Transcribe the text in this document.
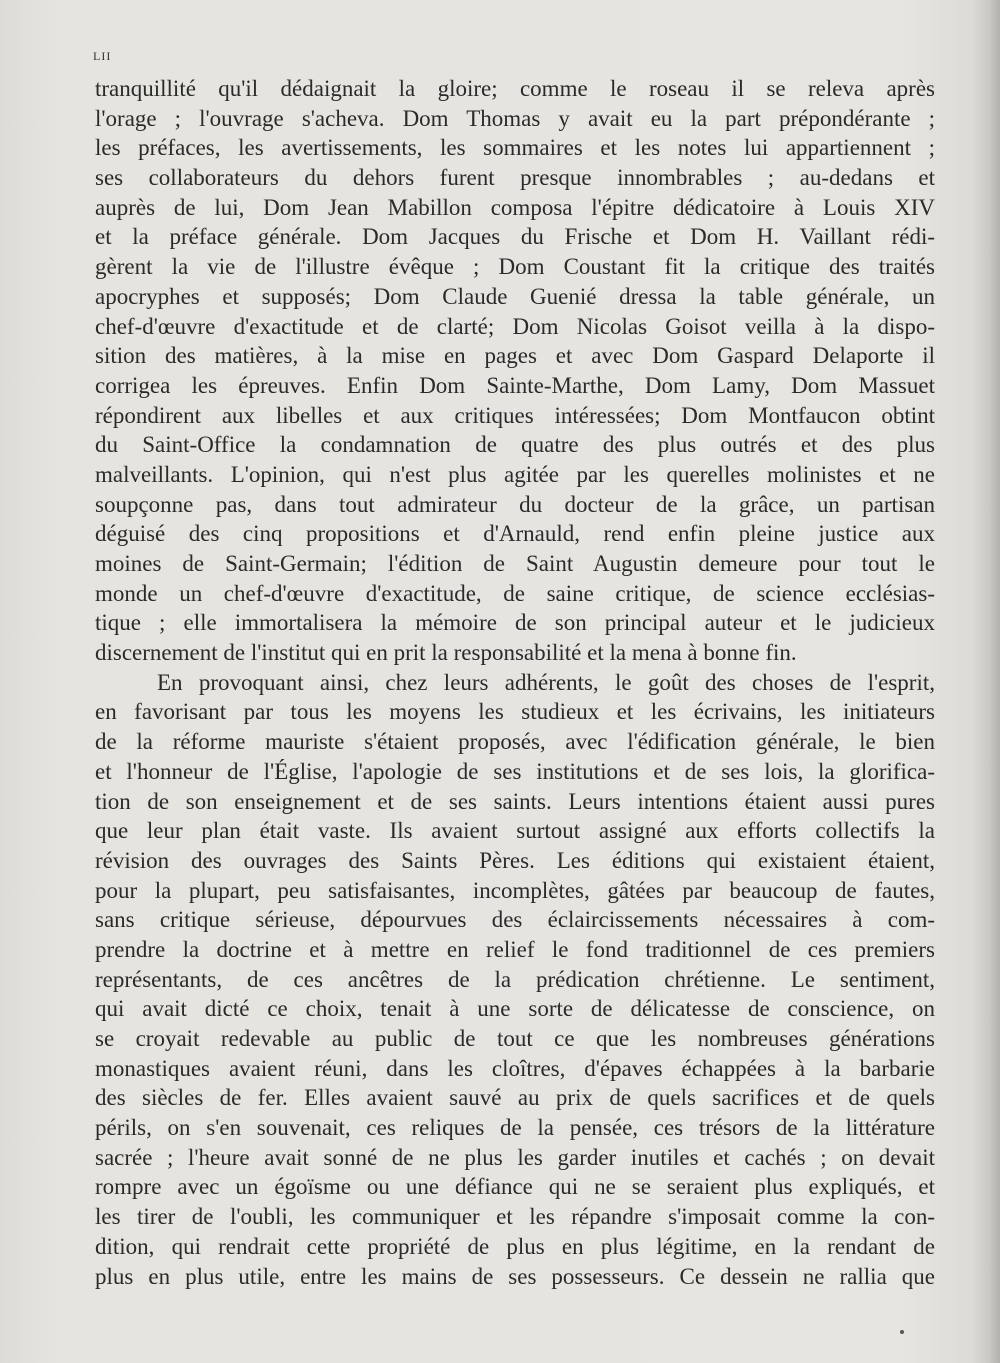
LII
tranquillité qu'il dédaignait la gloire; comme le roseau il se releva après
l'orage ; l'ouvrage s'acheva. Dom Thomas y avait eu la part prépondérante ;
les préfaces, les avertissements, les sommaires et les notes lui appartiennent ;
ses collaborateurs du dehors furent presque innombrables ; au-dedans et
auprès de lui, Dom Jean Mabillon composa l'épitre dédicatoire à Louis XIV
et la préface générale. Dom Jacques du Frische et Dom H. Vaillant rédi-
gèrent la vie de l'illustre évêque ; Dom Coustant fit la critique des traités
apocryphes et supposés; Dom Claude Guenié dressa la table générale, un
chef-d'œuvre d'exactitude et de clarté; Dom Nicolas Goisot veilla à la dispo-
sition des matières, à la mise en pages et avec Dom Gaspard Delaporte il
corrigea les épreuves. Enfin Dom Sainte-Marthe, Dom Lamy, Dom Massuet
répondirent aux libelles et aux critiques intéressées; Dom Montfaucon obtint
du Saint-Office la condamnation de quatre des plus outrés et des plus
malveillants. L'opinion, qui n'est plus agitée par les querelles molinistes et ne
soupçonne pas, dans tout admirateur du docteur de la grâce, un partisan
déguisé des cinq propositions et d'Arnauld, rend enfin pleine justice aux
moines de Saint-Germain; l'édition de Saint Augustin demeure pour tout le
monde un chef-d'œuvre d'exactitude, de saine critique, de science ecclésias-
tique ; elle immortalisera la mémoire de son principal auteur et le judicieux
discernement de l'institut qui en prit la responsabilité et la mena à bonne fin.
En provoquant ainsi, chez leurs adhérents, le goût des choses de l'esprit,
en favorisant par tous les moyens les studieux et les écrivains, les initiateurs
de la réforme mauriste s'étaient proposés, avec l'édification générale, le bien
et l'honneur de l'Église, l'apologie de ses institutions et de ses lois, la glorifica-
tion de son enseignement et de ses saints. Leurs intentions étaient aussi pures
que leur plan était vaste. Ils avaient surtout assigné aux efforts collectifs la
révision des ouvrages des Saints Pères. Les éditions qui existaient étaient,
pour la plupart, peu satisfaisantes, incomplètes, gâtées par beaucoup de fautes,
sans critique sérieuse, dépourvues des éclaircissements nécessaires à com-
prendre la doctrine et à mettre en relief le fond traditionnel de ces premiers
représentants, de ces ancêtres de la prédication chrétienne. Le sentiment,
qui avait dicté ce choix, tenait à une sorte de délicatesse de conscience, on
se croyait redevable au public de tout ce que les nombreuses générations
monastiques avaient réuni, dans les cloîtres, d'épaves échappées à la barbarie
des siècles de fer. Elles avaient sauvé au prix de quels sacrifices et de quels
périls, on s'en souvenait, ces reliques de la pensée, ces trésors de la littérature
sacrée ; l'heure avait sonné de ne plus les garder inutiles et cachés ; on devait
rompre avec un égoïsme ou une défiance qui ne se seraient plus expliqués, et
les tirer de l'oubli, les communiquer et les répandre s'imposait comme la con-
dition, qui rendrait cette propriété de plus en plus légitime, en la rendant de
plus en plus utile, entre les mains de ses possesseurs. Ce dessein ne rallia que
